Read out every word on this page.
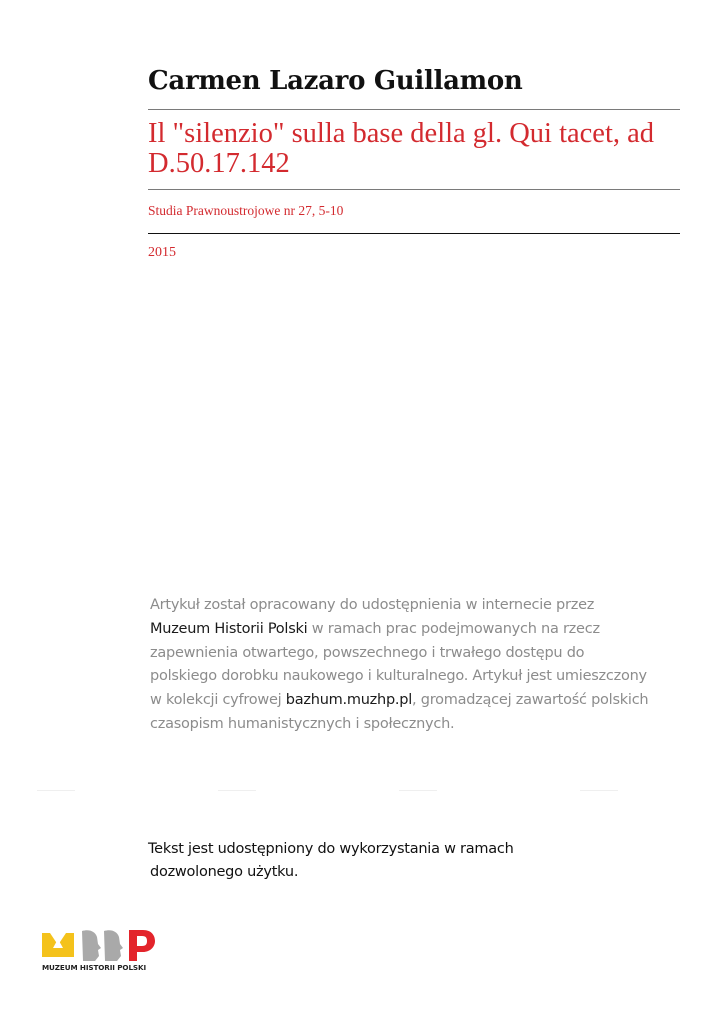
Carmen Lazaro Guillamon
Il "silenzio" sulla base della gl. Qui tacet, ad D.50.17.142
Studia Prawnoustrojowe nr 27, 5-10
2015
Artykuł został opracowany do udostępnienia w internecie przez
Muzeum Historii Polski w ramach prac podejmowanych na rzecz
zapewnienia otwartego, powszechnego i trwałego dostępu do
polskiego dorobku naukowego i kulturalnego. Artykuł jest umieszczony
w kolekcji cyfrowej bazhum.muzhp.pl, gromadzącej zawartość polskich
czasopism humanistycznych i społecznych.
Tekst jest udostępniony do wykorzystania w ramach
dozwolonego użytku.
MUZEUM HISTORII POLSKI
